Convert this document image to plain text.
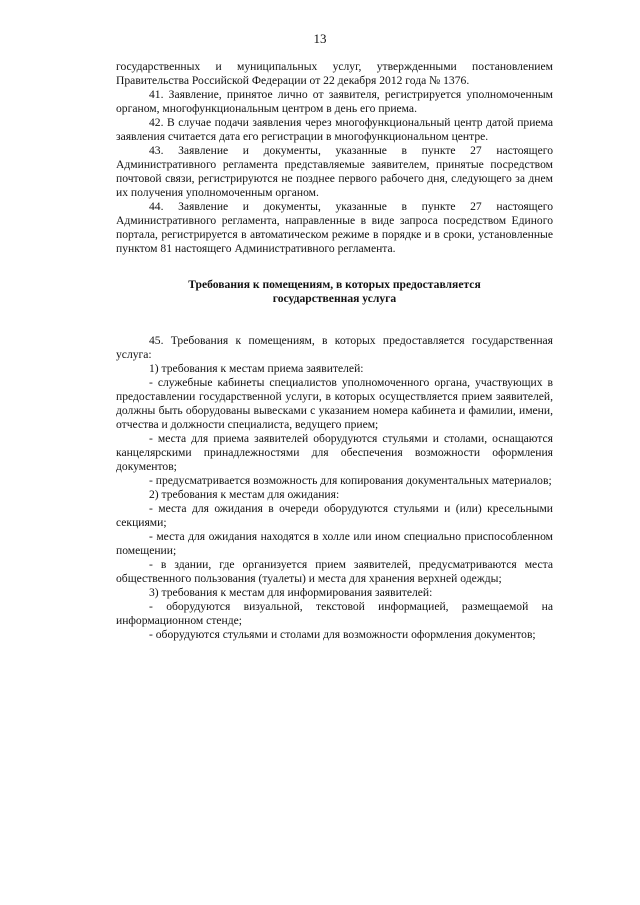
13

государственных и муниципальных услуг, утвержденными постановлением Правительства Российской Федерации от 22 декабря 2012 года № 1376.

41. Заявление, принятое лично от заявителя, регистрируется уполномоченным органом, многофункциональным центром в день его приема.

42. В случае подачи заявления через многофункциональный центр датой приема заявления считается дата его регистрации в многофункциональном центре.

43. Заявление и документы, указанные в пункте 27 настоящего Административного регламента представляемые заявителем, принятые посредством почтовой связи, регистрируются не позднее первого рабочего дня, следующего за днем их получения уполномоченным органом.

44. Заявление и документы, указанные в пункте 27 настоящего Административного регламента, направленные в виде запроса посредством Единого портала, регистрируется в автоматическом режиме в порядке и в сроки, установленные пунктом 81 настоящего Административного регламента.

Требования к помещениям, в которых предоставляется государственная услуга

45. Требования к помещениям, в которых предоставляется государственная услуга:

1) требования к местам приема заявителей:

- служебные кабинеты специалистов уполномоченного органа, участвующих в предоставлении государственной услуги, в которых осуществляется прием заявителей, должны быть оборудованы вывесками с указанием номера кабинета и фамилии, имени, отчества и должности специалиста, ведущего прием;

- места для приема заявителей оборудуются стульями и столами, оснащаются канцелярскими принадлежностями для обеспечения возможности оформления документов;

- предусматривается возможность для копирования документальных материалов;

2) требования к местам для ожидания:

- места для ожидания в очереди оборудуются стульями и (или) кресельными секциями;

- места для ожидания находятся в холле или ином специально приспособленном помещении;

- в здании, где организуется прием заявителей, предусматриваются места общественного пользования (туалеты) и места для хранения верхней одежды;

3) требования к местам для информирования заявителей:

- оборудуются визуальной, текстовой информацией, размещаемой на информационном стенде;

- оборудуются стульями и столами для возможности оформления документов;
